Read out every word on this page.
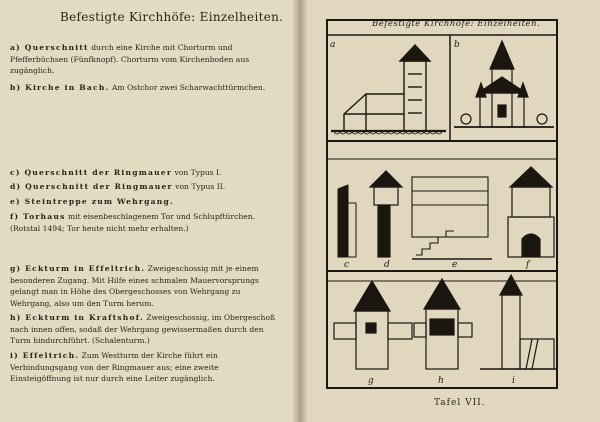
Befestigte Kirchhöfe: Einzelheiten.
a) Querschnitt durch eine Kirche mit Chorturm und Pfefferbüchsen (Fünfknopf). Chorturm vom Kirchenboden aus zugänglich.
b) Kirche in Bach. Am Ostchor zwei Scharwachttürmchen.
c) Querschnitt der Ringmauer von Typus I.
d) Querschnitt der Ringmauer von Typus II.
e) Steintreppe zum Wehrgang.
f) Torhaus mit eisenbeschlagenem Tor und Schlupftürchen. (Rotstal 1494; Tor heute nicht mehr erhalten.)
g) Eckturm in Effeltrich. Zweigeschossig mit je einem besonderen Zugang. Mit Hilfe eines schmalen Mauervorsprungs gelangt man in Höhe des Obergeschosses von Wehrgang zu Wehrgang, also um den Turm herum.
h) Eckturm in Kraftshof. Zweigeschossig, im Obergeschoß nach innen offen, sodaß der Wehrgang gewissermaßen durch den Turm hindurchführt. (Schalenturm.)
i) Effeltrich. Zum Westturm der Kirche führt ein Verbindungsgang von der Ringmauer aus; eine zweite Einsteigöffnung ist nur durch eine Leiter zugänglich.
a	b
c	d	e	f
g	h	i
Befestigte Kirchhöfe: Einzelheiten.
Tafel VII.
